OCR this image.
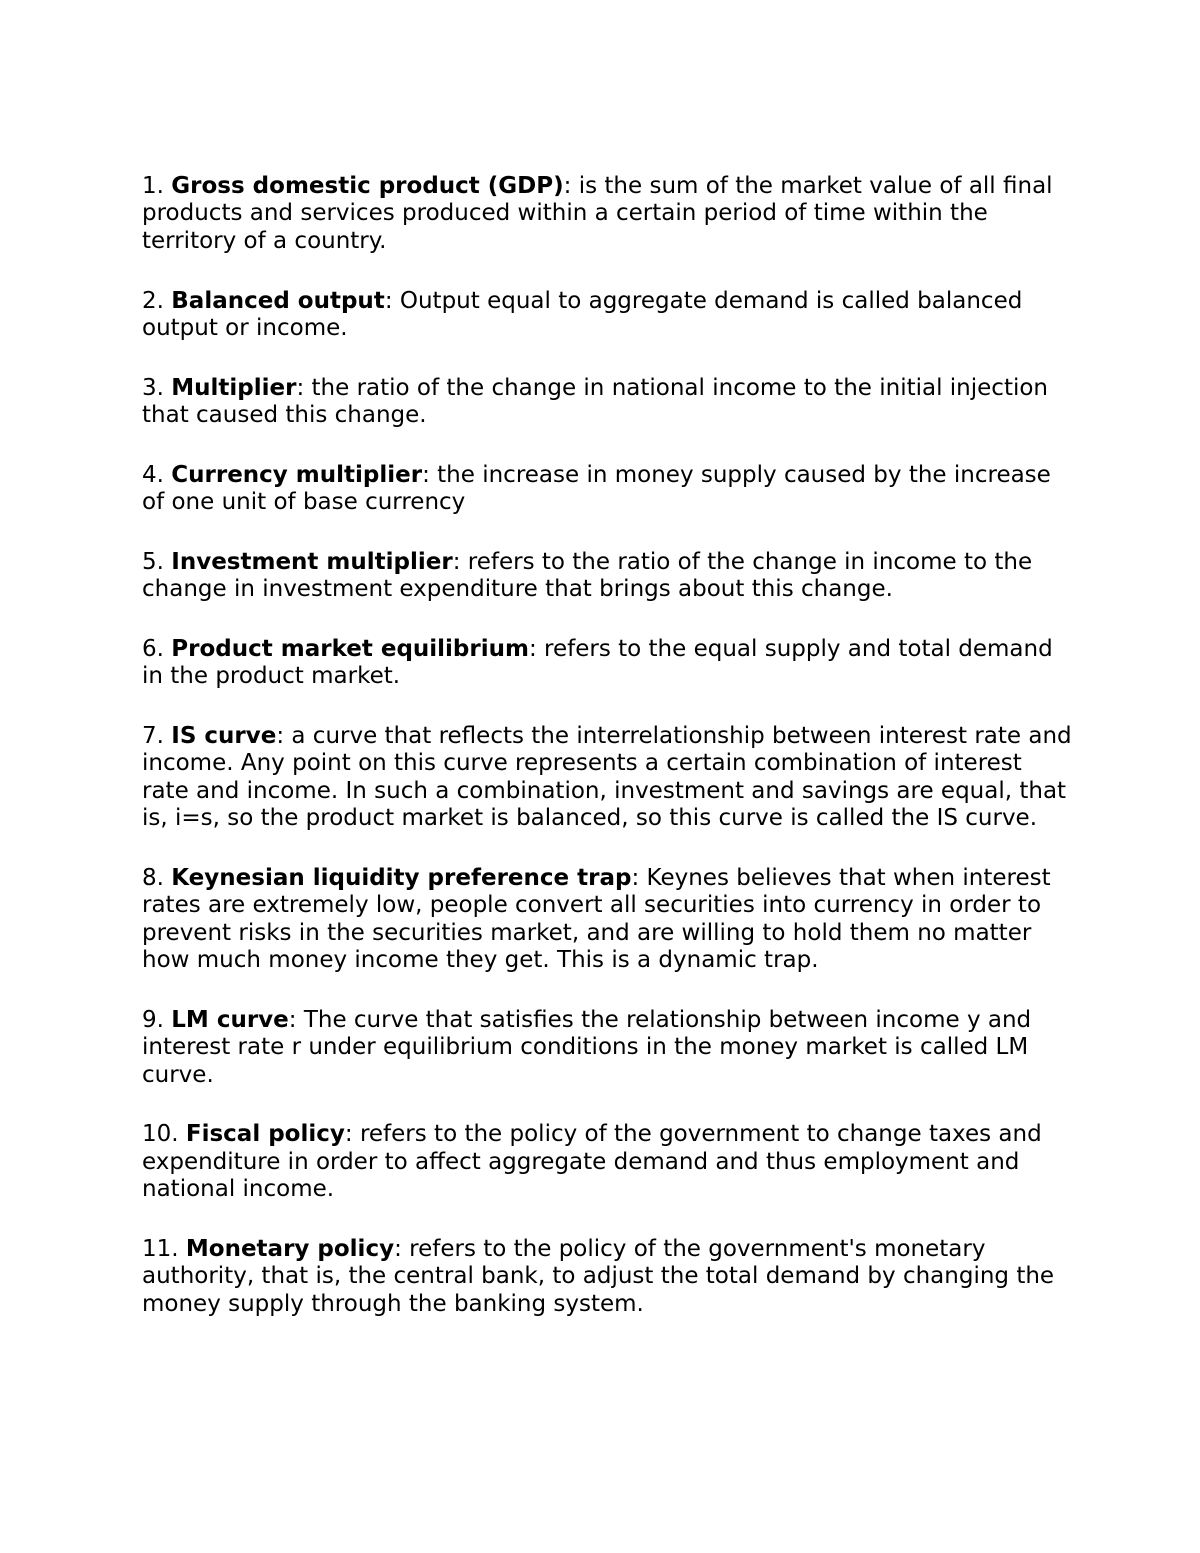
1. Gross domestic product (GDP): is the sum of the market value of all final products and services produced within a certain period of time within the territory of a country.

2. Balanced output: Output equal to aggregate demand is called balanced output or income.

3. Multiplier: the ratio of the change in national income to the initial injection that caused this change.

4. Currency multiplier: the increase in money supply caused by the increase of one unit of base currency

5. Investment multiplier: refers to the ratio of the change in income to the change in investment expenditure that brings about this change.

6. Product market equilibrium: refers to the equal supply and total demand in the product market.

7. IS curve: a curve that reflects the interrelationship between interest rate and income. Any point on this curve represents a certain combination of interest rate and income. In such a combination, investment and savings are equal, that is, i=s, so the product market is balanced, so this curve is called the IS curve.

8. Keynesian liquidity preference trap: Keynes believes that when interest rates are extremely low, people convert all securities into currency in order to prevent risks in the securities market, and are willing to hold them no matter how much money income they get. This is a dynamic trap.

9. LM curve: The curve that satisfies the relationship between income y and interest rate r under equilibrium conditions in the money market is called LM curve.

10. Fiscal policy: refers to the policy of the government to change taxes and expenditure in order to affect aggregate demand and thus employment and national income.

11. Monetary policy: refers to the policy of the government's monetary authority, that is, the central bank, to adjust the total demand by changing the money supply through the banking system.
